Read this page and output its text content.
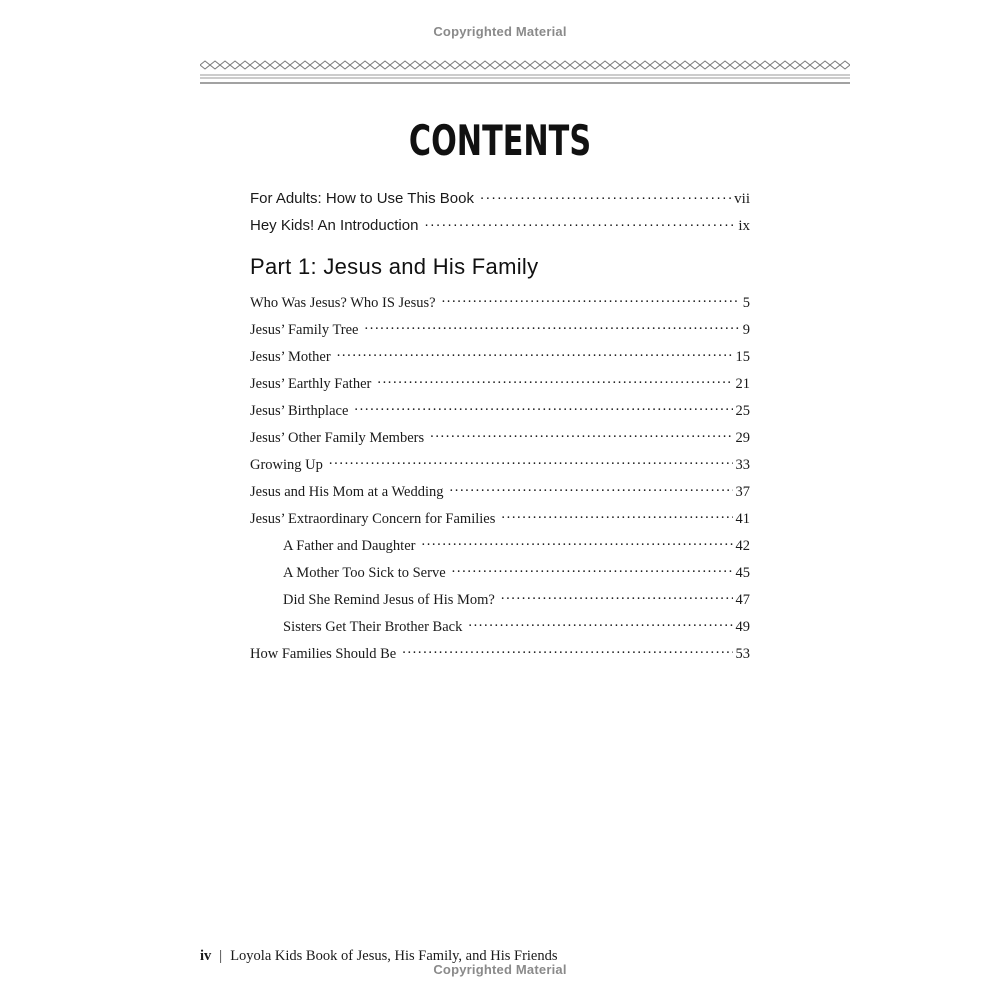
Copyrighted Material
CONTENTS
For Adults: How to Use This Book .....	vii
Hey Kids! An Introduction .....	ix
Part 1: Jesus and His Family
Who Was Jesus? Who IS Jesus? .....	5
Jesus’ Family Tree .....	9
Jesus’ Mother .....	15
Jesus’ Earthly Father .....	21
Jesus’ Birthplace .....	25
Jesus’ Other Family Members .....	29
Growing Up .....	33
Jesus and His Mom at a Wedding .....	37
Jesus’ Extraordinary Concern for Families .....	41
A Father and Daughter .....	42
A Mother Too Sick to Serve .....	45
Did She Remind Jesus of His Mom? .....	47
Sisters Get Their Brother Back .....	49
How Families Should Be .....	53
iv | Loyola Kids Book of Jesus, His Family, and His Friends
Copyrighted Material
